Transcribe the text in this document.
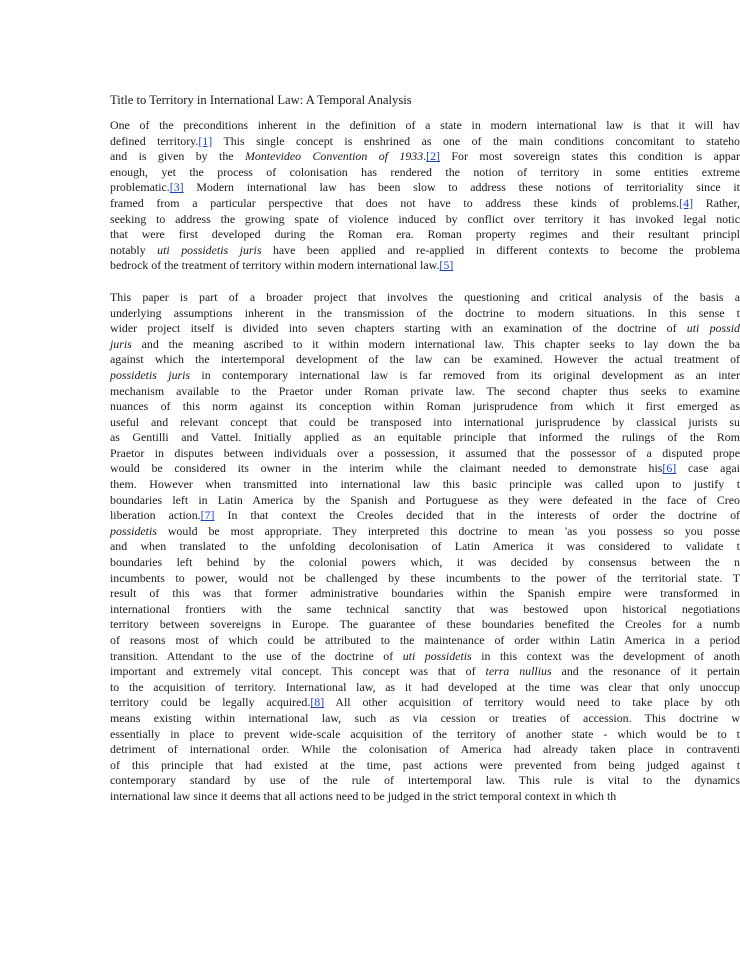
Title to Territory in International Law: A Temporal Analysis
One of the preconditions inherent in the definition of a state in modern international law is that it will hav
defined territory.[1] This single concept is enshrined as one of the main conditions concomitant to stateho
and is given by the Montevideo Convention of 1933.[2] For most sovereign states this condition is appar
enough, yet the process of colonisation has rendered the notion of territory in some entities extreme
problematic.[3] Modern international law has been slow to address these notions of territoriality since it
framed from a particular perspective that does not have to address these kinds of problems.[4] Rather,
seeking to address the growing spate of violence induced by conflict over territory it has invoked legal notic
that were first developed during the Roman era. Roman property regimes and their resultant principl
notably uti possidetis juris have been applied and re-applied in different contexts to become the problema
bedrock of the treatment of territory within modern international law.[5]
This paper is part of a broader project that involves the questioning and critical analysis of the basis a
underlying assumptions inherent in the transmission of the doctrine to modern situations. In this sense t
wider project itself is divided into seven chapters starting with an examination of the doctrine of uti possid
juris and the meaning ascribed to it within modern international law. This chapter seeks to lay down the ba
against which the intertemporal development of the law can be examined. However the actual treatment of
possidetis juris in contemporary international law is far removed from its original development as an inter
mechanism available to the Praetor under Roman private law. The second chapter thus seeks to examine
nuances of this norm against its conception within Roman jurisprudence from which it first emerged as
useful and relevant concept that could be transposed into international jurisprudence by classical jurists su
as Gentilli and Vattel. Initially applied as an equitable principle that informed the rulings of the Rom
Praetor in disputes between individuals over a possession, it assumed that the possessor of a disputed prope
would be considered its owner in the interim while the claimant needed to demonstrate his[6] case agai
them. However when transmitted into international law this basic principle was called upon to justify t
boundaries left in Latin America by the Spanish and Portuguese as they were defeated in the face of Creo
liberation action.[7] In that context the Creoles decided that in the interests of order the doctrine of
possidetis would be most appropriate. They interpreted this doctrine to mean 'as you possess so you posse
and when translated to the unfolding decolonisation of Latin America it was considered to validate t
boundaries left behind by the colonial powers which, it was decided by consensus between the n
incumbents to power, would not be challenged by these incumbents to the power of the territorial state. T
result of this was that former administrative boundaries within the Spanish empire were transformed in
international frontiers with the same technical sanctity that was bestowed upon historical negotiations
territory between sovereigns in Europe. The guarantee of these boundaries benefited the Creoles for a numb
of reasons most of which could be attributed to the maintenance of order within Latin America in a period
transition. Attendant to the use of the doctrine of uti possidetis in this context was the development of anoth
important and extremely vital concept. This concept was that of terra nullius and the resonance of it pertain
to the acquisition of territory. International law, as it had developed at the time was clear that only unoccup
territory could be legally acquired.[8] All other acquisition of territory would need to take place by oth
means existing within international law, such as via cession or treaties of accession. This doctrine w
essentially in place to prevent wide-scale acquisition of the territory of another state - which would be to t
detriment of international order. While the colonisation of America had already taken place in contraventi
of this principle that had existed at the time, past actions were prevented from being judged against t
contemporary standard by use of the rule of intertemporal law. This rule is vital to the dynamics
international law since it deems that all actions need to be judged in the strict temporal context in which th
